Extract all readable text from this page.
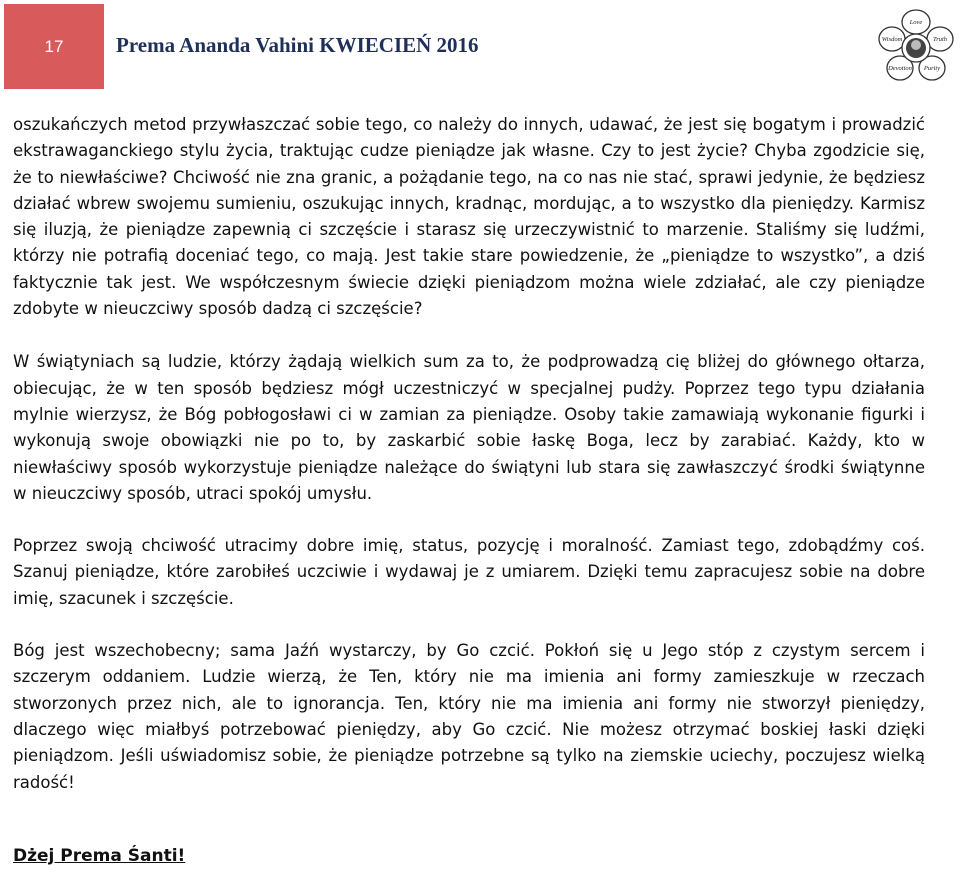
17	Prema Ananda Vahini KWIECIEŃ 2016
Love
Truth
Purity
Devotion
Wisdom

oszukańczych metod przywłaszczać sobie tego, co należy do innych, udawać, że jest się bogatym i prowadzić ekstrawaganckiego stylu życia, traktując cudze pieniądze jak własne. Czy to jest życie? Chyba zgodzicie się, że to niewłaściwe? Chciwość nie zna granic, a pożądanie tego, na co nas nie stać, sprawi jedynie, że będziesz działać wbrew swojemu sumieniu, oszukując innych, kradnąc, mordując, a to wszystko dla pieniędzy. Karmisz się iluzją, że pieniądze zapewnią ci szczęście i starasz się urzeczywistnić to marzenie. Staliśmy się ludźmi, którzy nie potrafią doceniać tego, co mają. Jest takie stare powiedzenie, że „pieniądze to wszystko”, a dziś faktycznie tak jest. We współczesnym świecie dzięki pieniądzom można wiele zdziałać, ale czy pieniądze zdobyte w nieuczciwy sposób dadzą ci szczęście?

W świątyniach są ludzie, którzy żądają wielkich sum za to, że podprowadzą cię bliżej do głównego ołtarza, obiecując, że w ten sposób będziesz mógł uczestniczyć w specjalnej pudży. Poprzez tego typu działania mylnie wierzysz, że Bóg pobłogosławi ci w zamian za pieniądze. Osoby takie zamawiają wykonanie figurki i wykonują swoje obowiązki nie po to, by zaskarbić sobie łaskę Boga, lecz by zarabiać. Każdy, kto w niewłaściwy sposób wykorzystuje pieniądze należące do świątyni lub stara się zawłaszczyć środki świątynne w nieuczciwy sposób, utraci spokój umysłu.

Poprzez swoją chciwość utracimy dobre imię, status, pozycję i moralność. Zamiast tego, zdobądźmy coś. Szanuj pieniądze, które zarobiłeś uczciwie i wydawaj je z umiarem. Dzięki temu zapracujesz sobie na dobre imię, szacunek i szczęście.

Bóg jest wszechobecny; sama Jaźń wystarczy, by Go czcić. Pokłoń się u Jego stóp z czystym sercem i szczerym oddaniem. Ludzie wierzą, że Ten, który nie ma imienia ani formy zamieszkuje w rzeczach stworzonych przez nich, ale to ignorancja. Ten, który nie ma imienia ani formy nie stworzył pieniędzy, dlaczego więc miałbyś potrzebować pieniędzy, aby Go czcić. Nie możesz otrzymać boskiej łaski dzięki pieniądzom. Jeśli uświadomisz sobie, że pieniądze potrzebne są tylko na ziemskie uciechy, poczujesz wielką radość!

Dżej Prema Śanti!
